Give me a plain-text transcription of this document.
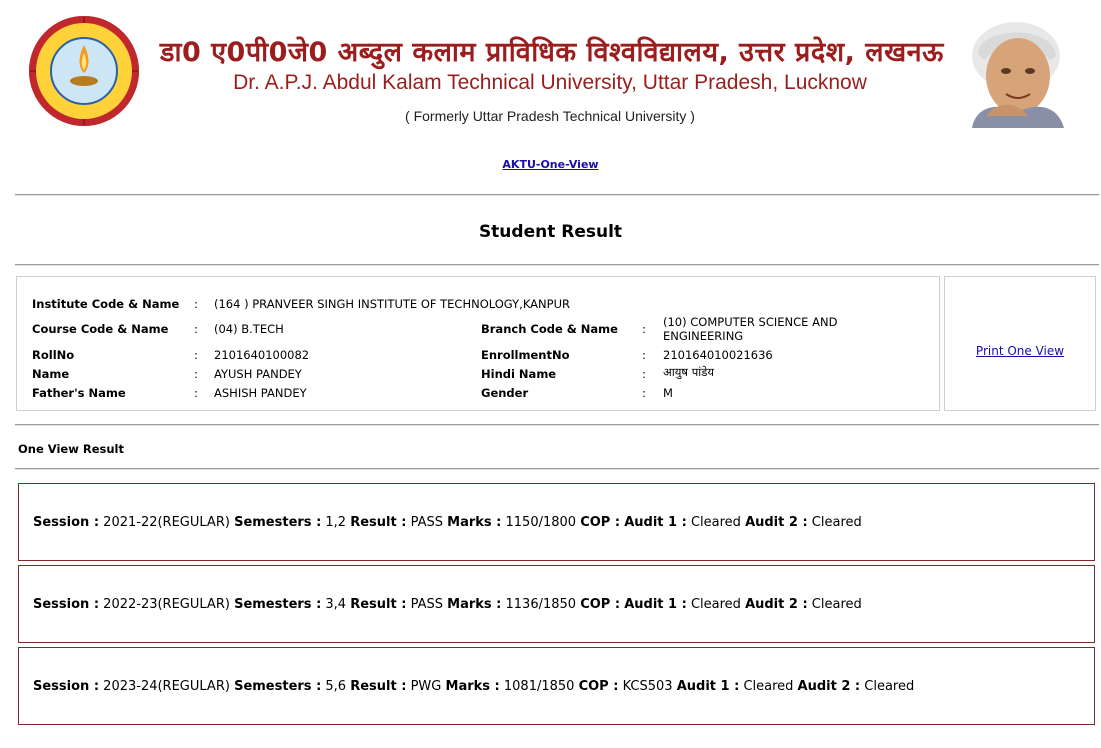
डा0 ए0पी0जे0 अब्दुल कलाम प्राविधिक विश्वविद्यालय, उत्तर प्रदेश, लखनऊ
Dr. A.P.J. Abdul Kalam Technical University, Uttar Pradesh, Lucknow
( Formerly Uttar Pradesh Technical University )
AKTU-One-View
Student Result
Institute Code & Name : (164 ) PRANVEER SINGH INSTITUTE OF TECHNOLOGY,KANPUR
Course Code & Name : (04) B.TECH	Branch Code & Name : (10) COMPUTER SCIENCE AND
ENGINEERING
RollNo	: 2101640100082	EnrollmentNo	: 210164010021636
Name	: AYUSH PANDEY	Hindi Name	: आयुष पांडेय
Father's Name	: ASHISH PANDEY	Gender	: M
Print One View
One View Result
Session : 2021-22(REGULAR) Semesters : 1,2 Result : PASS Marks : 1150/1800 COP : Audit 1 : Cleared Audit 2 : Cleared
Session : 2022-23(REGULAR) Semesters : 3,4 Result : PASS Marks : 1136/1850 COP : Audit 1 : Cleared Audit 2 : Cleared
Session : 2023-24(REGULAR) Semesters : 5,6 Result : PWG Marks : 1081/1850 COP : KCS503 Audit 1 : Cleared Audit 2 : Cleared
